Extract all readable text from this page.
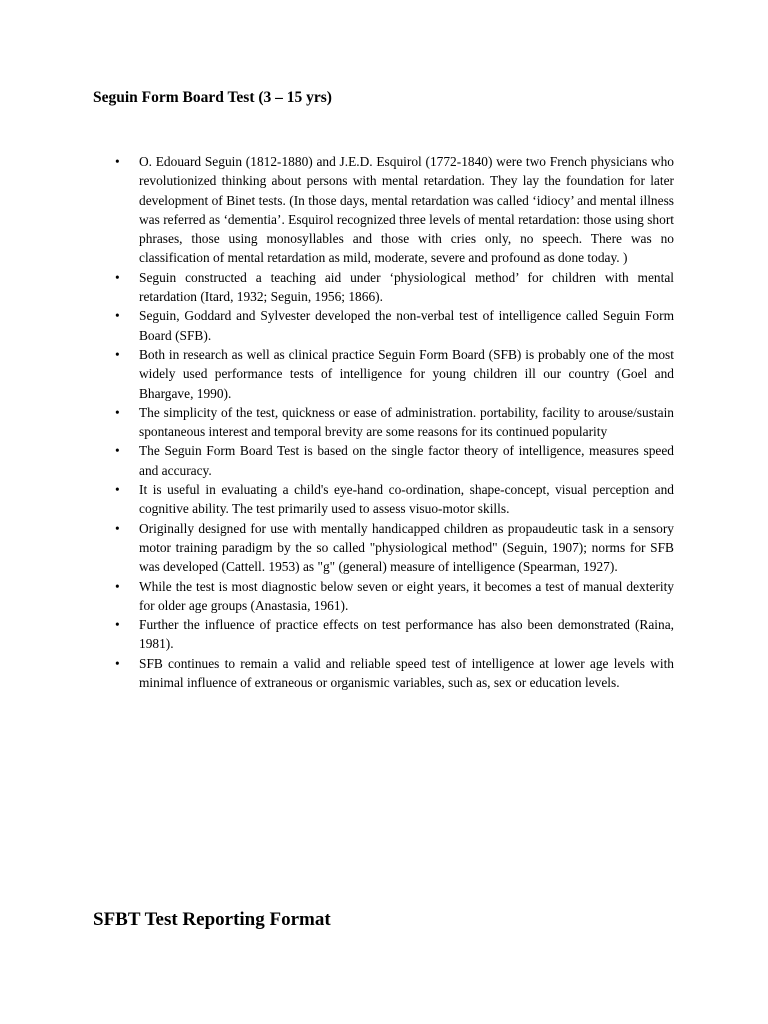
Seguin Form Board Test (3 – 15 yrs)
• O. Edouard Seguin (1812-1880) and J.E.D. Esquirol (1772-1840) were two French physicians who revolutionized thinking about persons with mental retardation. They lay the foundation for later development of Binet tests. (In those days, mental retardation was called ‘idiocy’ and mental illness was referred as ‘dementia’. Esquirol recognized three levels of mental retardation: those using short phrases, those using monosyllables and those with cries only, no speech. There was no classification of mental retardation as mild, moderate, severe and profound as done today. )
• Seguin constructed a teaching aid under ‘physiological method’ for children with mental retardation (Itard, 1932; Seguin, 1956; 1866).
• Seguin, Goddard and Sylvester developed the non-verbal test of intelligence called Seguin Form Board (SFB).
• Both in research as well as clinical practice Seguin Form Board (SFB) is probably one of the most widely used performance tests of intelligence for young children ill our country (Goel and Bhargave, 1990).
• The simplicity of the test, quickness or ease of administration. portability, facility to arouse/sustain spontaneous interest and temporal brevity are some reasons for its continued popularity
• The Seguin Form Board Test is based on the single factor theory of intelligence, measures speed and accuracy.
• It is useful in evaluating a child's eye-hand co-ordination, shape-concept, visual perception and cognitive ability. The test primarily used to assess visuo-motor skills.
• Originally designed for use with mentally handicapped children as propaudeutic task in a sensory motor training paradigm by the so called "physiological method" (Seguin, 1907); norms for SFB was developed (Cattell. 1953) as "g" (general) measure of intelligence (Spearman, 1927).
• While the test is most diagnostic below seven or eight years, it becomes a test of manual dexterity for older age groups (Anastasia, 1961).
• Further the influence of practice effects on test performance has also been demonstrated (Raina, 1981).
• SFB continues to remain a valid and reliable speed test of intelligence at lower age levels with minimal influence of extraneous or organismic variables, such as, sex or education levels.
SFBT Test Reporting Format
